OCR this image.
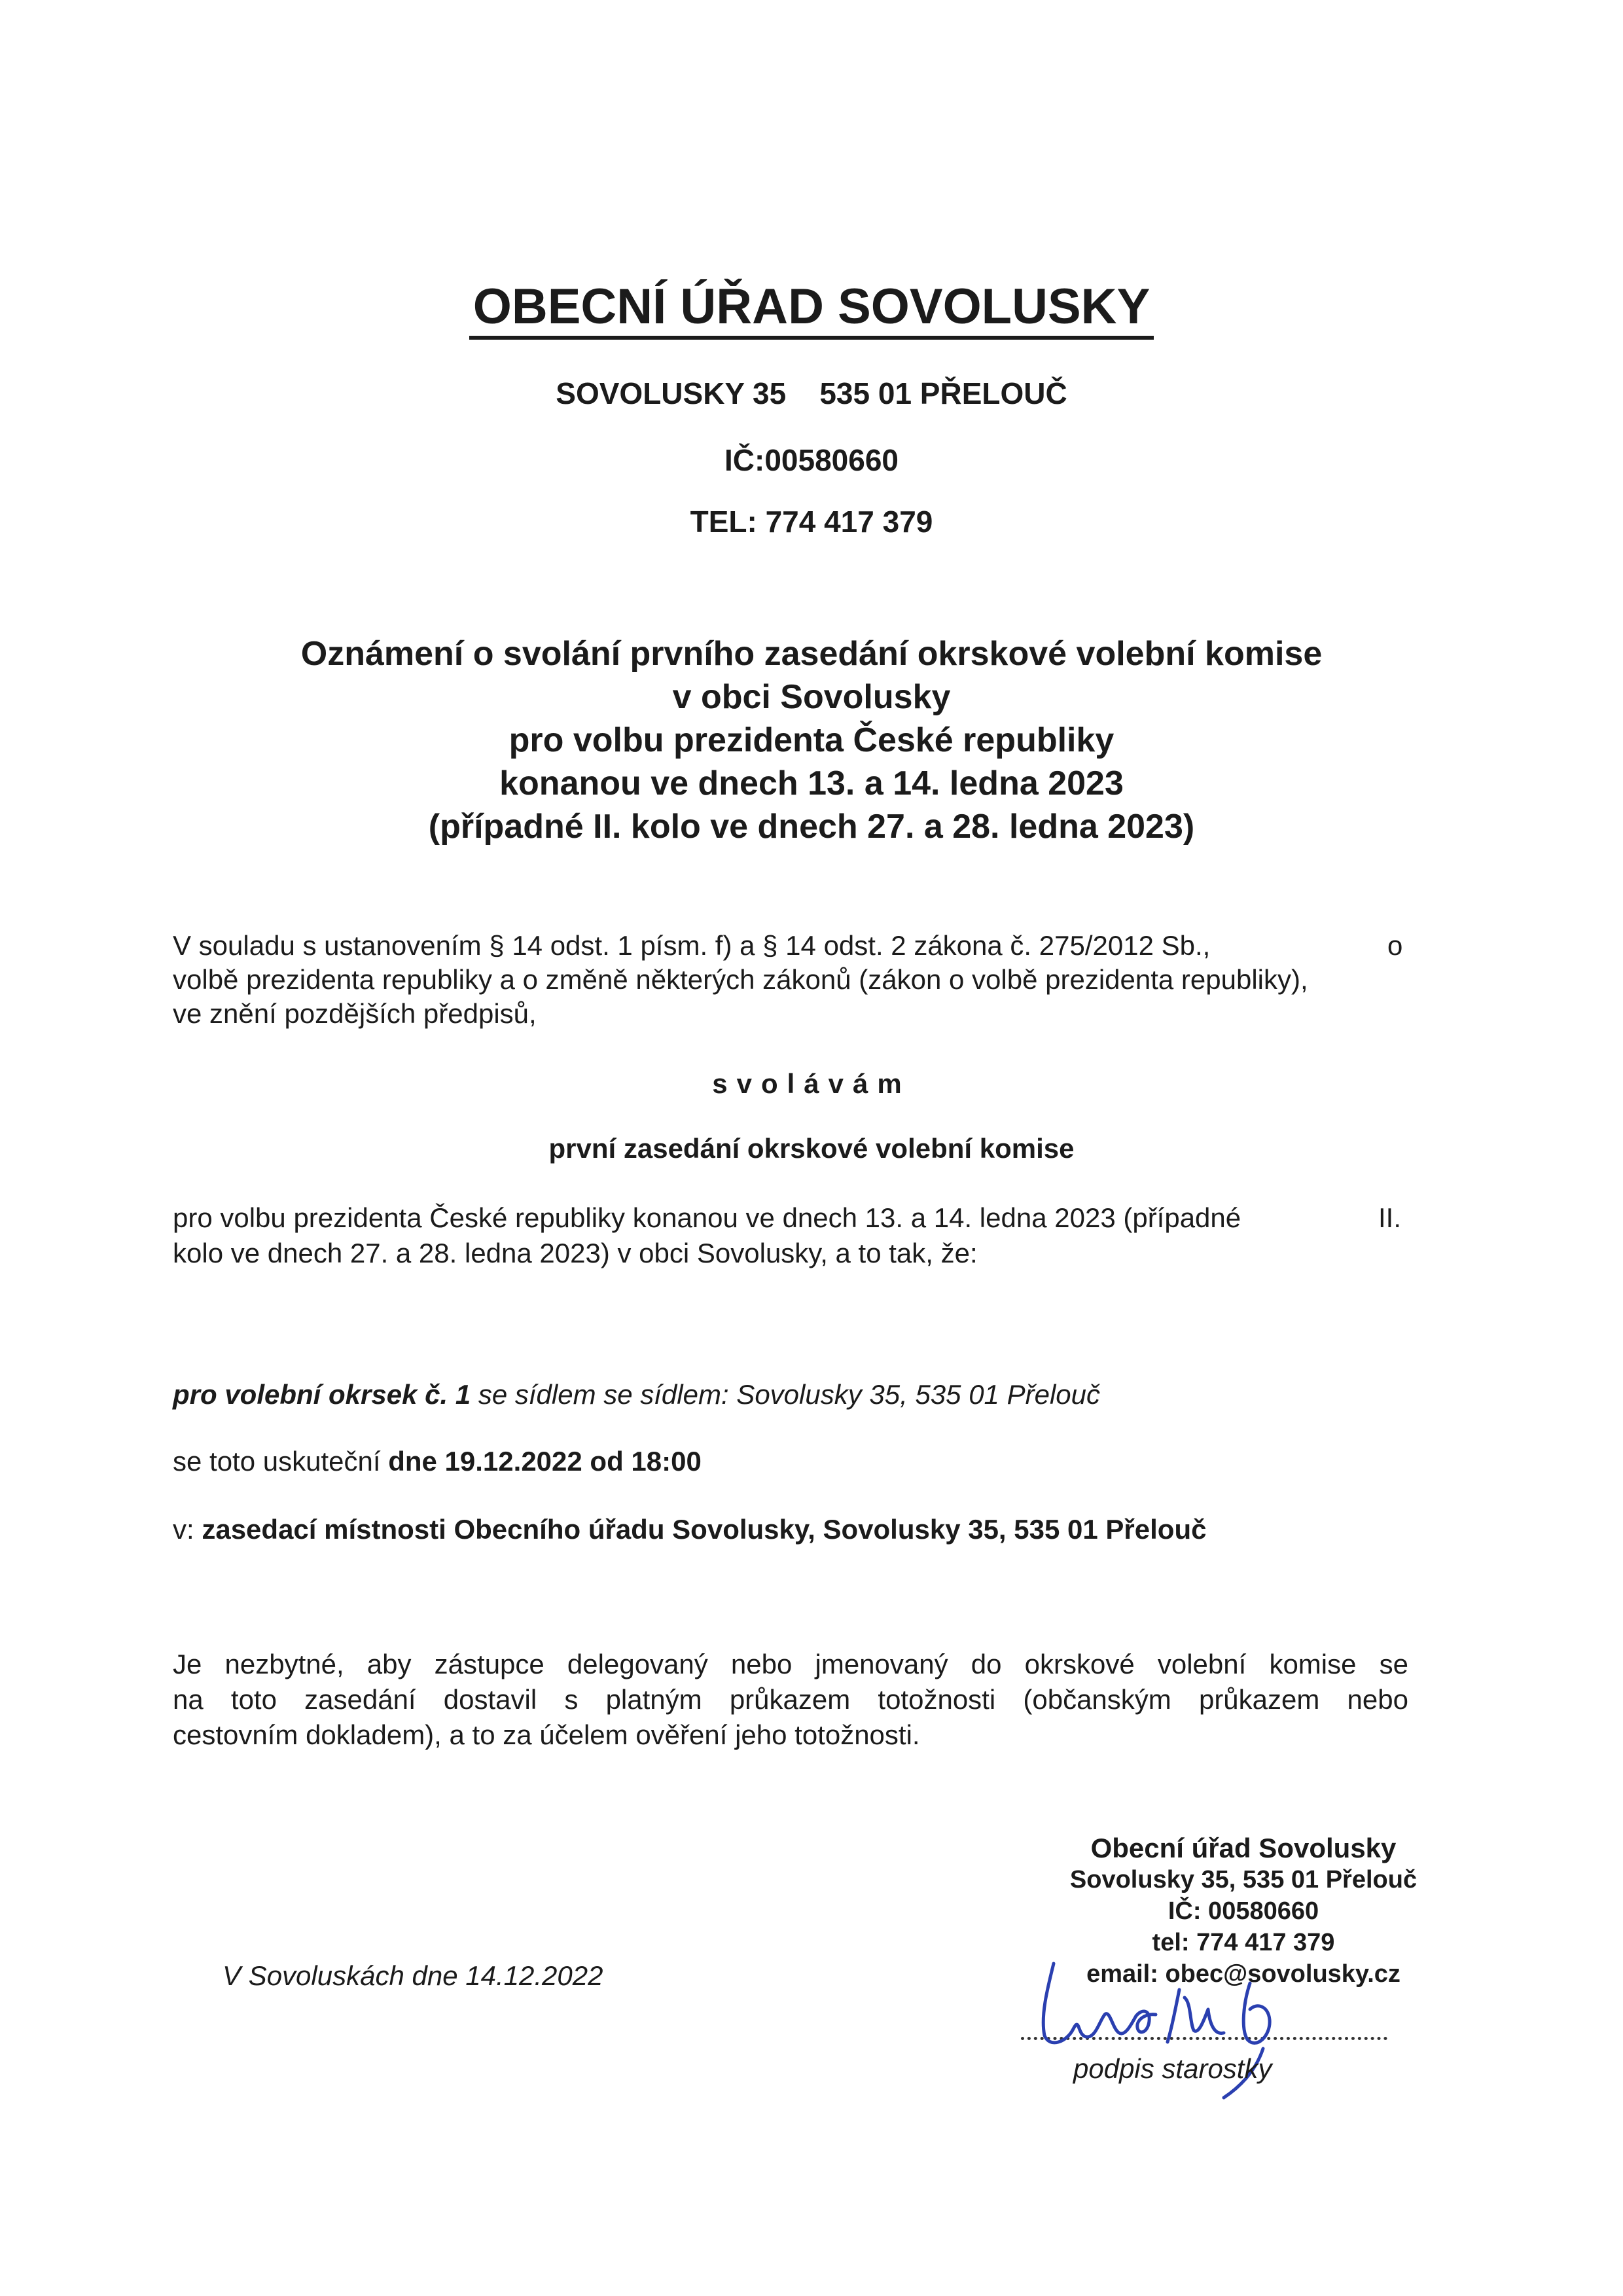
OBECNÍ ÚŘAD SOVOLUSKY
SOVOLUSKY 35    535 01 PŘELOUČ
IČ:00580660
TEL: 774 417 379
Oznámení o svolání prvního zasedání okrskové volební komise
v obci Sovolusky
pro volbu prezidenta České republiky
konanou ve dnech 13. a 14. ledna 2023
(případné II. kolo ve dnech 27. a 28. ledna 2023)
V souladu s ustanovením § 14 odst. 1 písm. f) a § 14 odst. 2 zákona č. 275/2012 Sb.,	o
volbě prezidenta republiky a o změně některých zákonů (zákon o volbě prezidenta republiky),
ve znění pozdějších předpisů,
svolávám
první zasedání okrskové volební komise
pro volbu prezidenta České republiky konanou ve dnech 13. a 14. ledna 2023 (případné	II.
kolo ve dnech 27. a 28. ledna 2023) v obci Sovolusky, a to tak, že:
pro volební okrsek č. 1 se sídlem se sídlem: Sovolusky 35, 535 01 Přelouč
se toto uskuteční dne 19.12.2022 od 18:00
v: zasedací místnosti Obecního úřadu Sovolusky, Sovolusky 35, 535 01 Přelouč
Je nezbytné, aby zástupce delegovaný nebo jmenovaný do okrskové volební komise se
na toto zasedání dostavil s platným průkazem totožnosti (občanským průkazem nebo
cestovním dokladem), a to za účelem ověření jeho totožnosti.
Obecní úřad Sovolusky
Sovolusky 35, 535 01 Přelouč
IČ: 00580660
tel: 774 417 379
email: obec@sovolusky.cz
V Sovoluskách dne 14.12.2022
podpis starostky
